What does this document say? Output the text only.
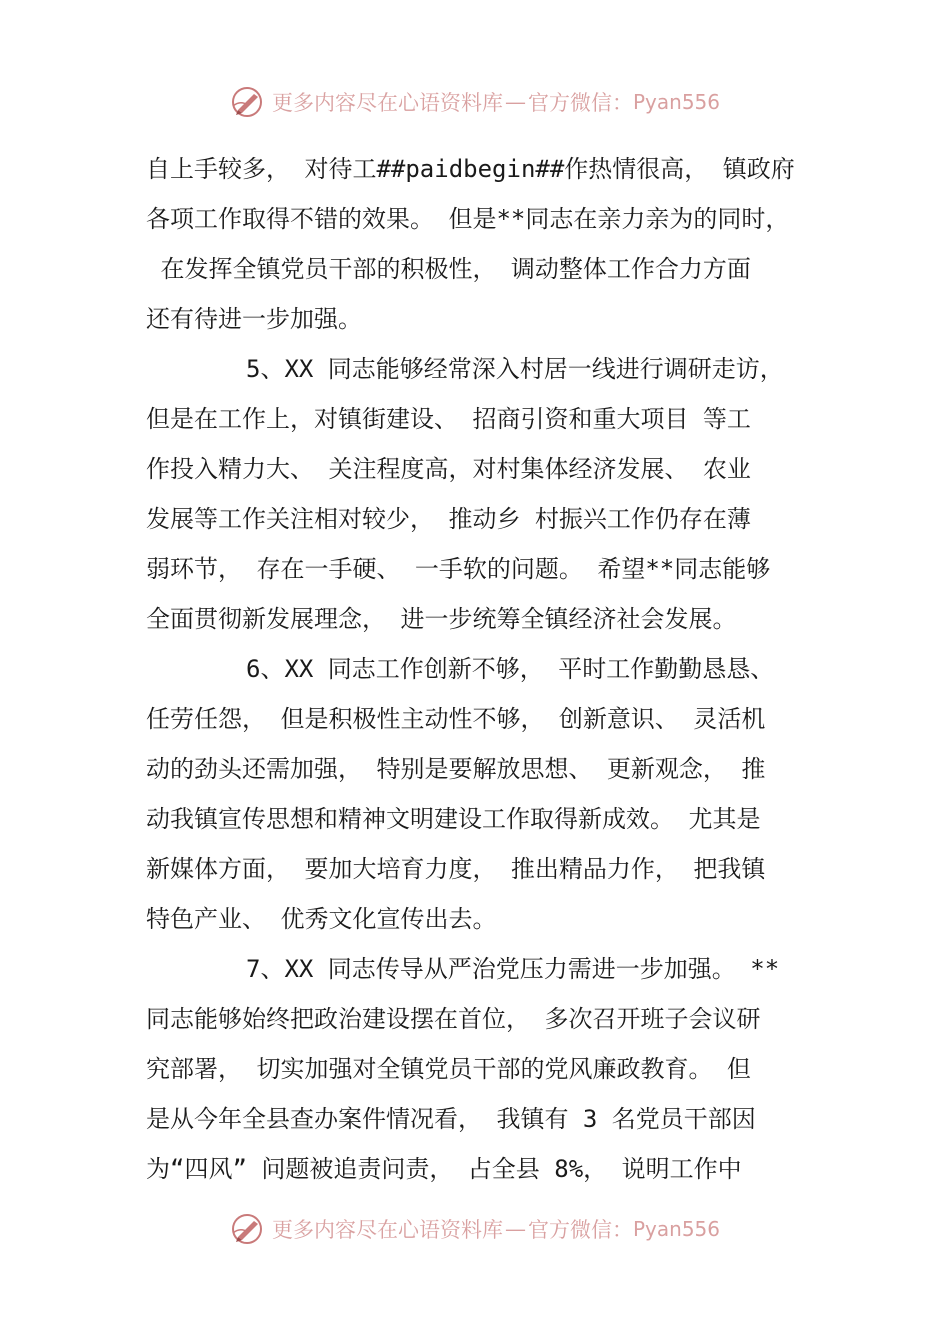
更多内容尽在心语资料库 — 官方微信： Pyan556
自上手较多， 对待工##paidbegin##作热情很高， 镇政府
各项工作取得不错的效果。 但是**同志在亲力亲为的同时，
在发挥全镇党员干部的积极性， 调动整体工作合力方面
还有待进一步加强。
5、XX 同志能够经常深入村居一线进行调研走访，
但是在工作上，对镇街建设、 招商引资和重大项目 等工
作投入精力大、 关注程度高，对村集体经济发展、 农业
发展等工作关注相对较少， 推动乡 村振兴工作仍存在薄
弱环节， 存在一手硬、 一手软的问题。 希望**同志能够
全面贯彻新发展理念， 进一步统筹全镇经济社会发展。
6、XX 同志工作创新不够， 平时工作勤勤恳恳、
任劳任怨， 但是积极性主动性不够， 创新意识、 灵活机
动的劲头还需加强， 特别是要解放思想、 更新观念， 推
动我镇宣传思想和精神文明建设工作取得新成效。 尤其是
新媒体方面， 要加大培育力度， 推出精品力作， 把我镇
特色产业、 优秀文化宣传出去。
7、XX 同志传导从严治党压力需进一步加强。 **
同志能够始终把政治建设摆在首位， 多次召开班子会议研
究部署， 切实加强对全镇党员干部的党风廉政教育。 但
是从今年全县查办案件情况看， 我镇有 3 名党员干部因
为“四风” 问题被追责问责， 占全县 8%， 说明工作中
更多内容尽在心语资料库 — 官方微信： Pyan556
